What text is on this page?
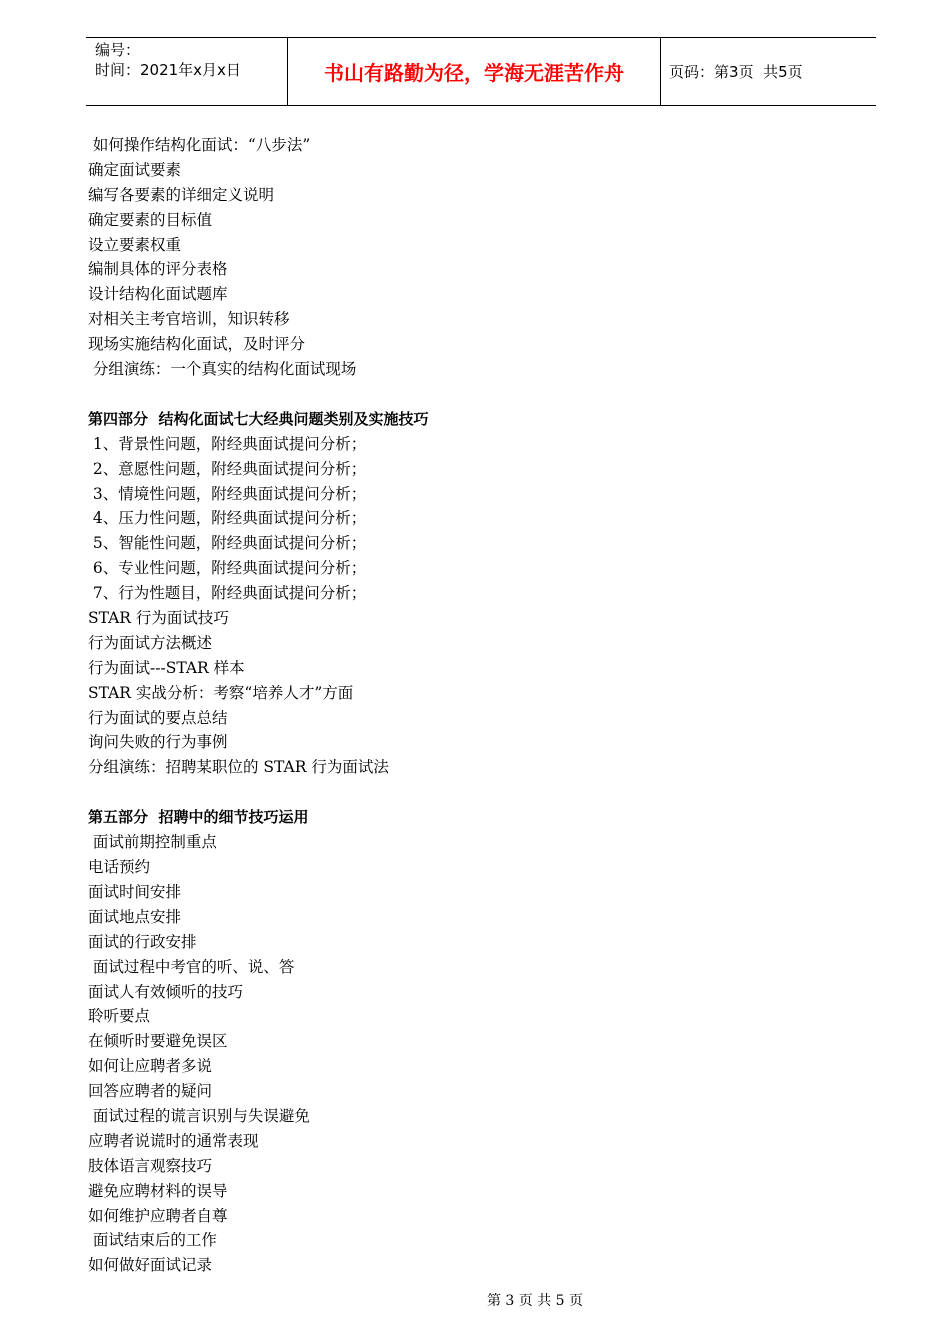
编号：
时间：2021年x月x日	书山有路勤为径，学海无涯苦作舟	页码：第 3 页  共 5 页
如何操作结构化面试：“八步法”
确定面试要素
编写各要素的详细定义说明
确定要素的目标值
设立要素权重
编制具体的评分表格
设计结构化面试题库
对相关主考官培训，知识转移
现场实施结构化面试，及时评分
分组演练：一个真实的结构化面试现场
第四部分  结构化面试七大经典问题类别及实施技巧
1、背景性问题，附经典面试提问分析；
2、意愿性问题，附经典面试提问分析；
3、情境性问题，附经典面试提问分析；
4、压力性问题，附经典面试提问分析；
5、智能性问题，附经典面试提问分析；
6、专业性问题，附经典面试提问分析；
7、行为性题目，附经典面试提问分析；
STAR 行为面试技巧
行为面试方法概述
行为面试---STAR 样本
STAR 实战分析：考察“培养人才”方面
行为面试的要点总结
询问失败的行为事例
分组演练：招聘某职位的 STAR 行为面试法
第五部分  招聘中的细节技巧运用
面试前期控制重点
电话预约
面试时间安排
面试地点安排
面试的行政安排
面试过程中考官的听、说、答
面试人有效倾听的技巧
聆听要点
在倾听时要避免误区
如何让应聘者多说
回答应聘者的疑问
面试过程的谎言识别与失误避免
应聘者说谎时的通常表现
肢体语言观察技巧
避免应聘材料的误导
如何维护应聘者自尊
面试结束后的工作
如何做好面试记录
第 3 页 共 5 页
